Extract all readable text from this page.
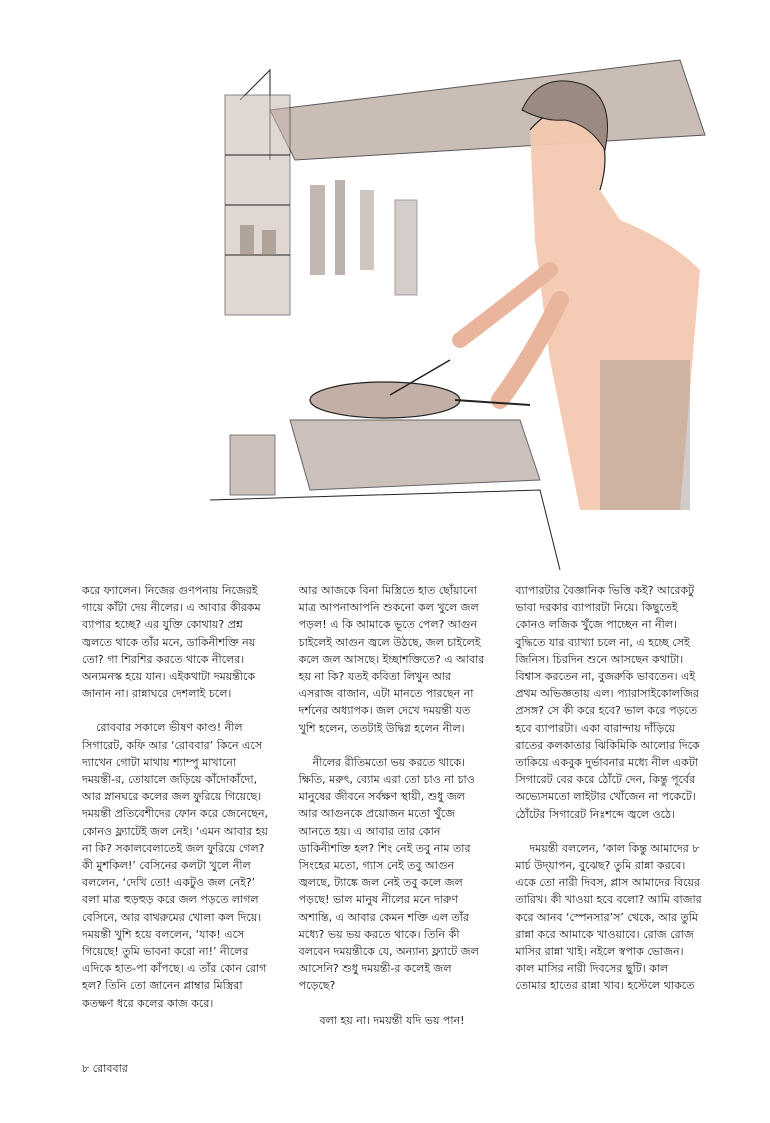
করে ফ্যালেন। নিজের গুণপনায় নিজেরই গায়ে কাঁটা দেয় নীলের। এ আবার কীরকম ব্যাপার হচ্ছে? এর যুক্তি কোথায়? প্রশ্ন জ্বলতে থাকে তাঁর মনে, ডাকিনীশক্তি নয় তো? গা শিরশির করতে থাকে নীলের। অন্যমনস্ক হয়ে যান। এইকথাটা দময়ন্তীকে জানান না। রান্নাঘরে দেশলাই চলে।

রোববার সকালে ভীষণ কাণ্ড! নীল সিগারেট, কফি আর ‘রোববার’ কিনে এসে দ্যাখেন গোটা মাথায় শ্যাম্পু মাখানো দময়ন্তী-র, তোয়ালে জড়িয়ে কাঁদোকাঁদো, আর স্নানঘরে কলের জল ফুরিয়ে গিয়েছে। দময়ন্তী প্রতিবেশীদের ফোন করে জেনেছেন, কোনও ফ্ল্যাটেই জল নেই। ‘এমন আবার হয় না কি? সকালবেলাতেই জল ফুরিয়ে গেল? কী মুশকিল!’ বেসিনের কলটা খুলে নীল বললেন, ‘দেখি তো! একটুও জল নেই?’ বলা মাত্র হুড়হুড় করে জল পড়তে লাগল বেসিনে, আর বাথরুমের খোলা কল দিয়ে। দময়ন্তী খুশি হয়ে বললেন, ‘যাক! এসে গিয়েছে! তুমি ভাবনা করো না!’ নীলের এদিকে হাত-পা কাঁপছে। এ তাঁর কোন রোগ হল? তিনি তো জানেন প্লাম্বার মিস্ত্রিরা কতক্ষণ ধরে কলের কাজ করে।

আর আজকে বিনা মিস্ত্রিতে হাত ছোঁয়ানো মাত্র আপনাআপনি শুকনো কল খুলে জল পড়ল! এ কি আমাকে ভূতে পেল? আগুন চাইলেই আগুন জ্বলে উঠছে, জল চাইলেই কলে জল আসছে। ইচ্ছাশক্তিতে? এ আবার হয় না কি? যতই কবিতা লিখুন আর এসরাজ বাজান, এটা মানতে পারছেন না দর্শনের অধ্যাপক। জল দেখে দময়ন্তী যত খুশি হলেন, ততটাই উদ্বিগ্ন হলেন নীল।

নীলের রীতিমতো ভয় করতে থাকে। ক্ষিতি, মরুৎ, ব্যোম এরা তো চাও না চাও মানুষের জীবনে সর্বক্ষণ স্থায়ী, শুধু জল আর আগুনকে প্রয়োজন মতো খুঁজে আনতে হয়। এ আবার তার কোন ডাকিনীশক্তি হল? শিং নেই তবু নাম তার সিংহের মতো, গ্যাস নেই তবু আগুন জ্বলছে, ট্যাঙ্কে জল নেই তবু কলে জল পড়ছে! ভাল মানুষ নীলের মনে দারুণ অশান্তি, এ আবার কেমন শক্তি এল তাঁর মধ্যে? ভয় ভয় করতে থাকে। তিনি কী বলবেন দময়ন্তীকে যে, অন্যান্য ফ্ল্যাটে জল আসেনি? শুধু দময়ন্তী-র কলেই জল পড়েছে?

বলা হয় না। দময়ন্তী যদি ভয় পান!

ব্যাপারটার বৈজ্ঞানিক ভিত্তি কই? আরেকটু ভাবা দরকার ব্যাপারটা নিয়ে। কিছুতেই কোনও লজিক খুঁজে পাচ্ছেন না নীল। বুদ্ধিতে যার ব্যাখ্যা চলে না, এ হচ্ছে সেই জিনিস। চিরদিন শুনে আসছেন কথাটা। বিশ্বাস করতেন না, বুজরুকি ভাবতেন। এই প্রথম অভিজ্ঞতায় এল। প্যারাসাইকোলজির প্রসঙ্গ? সে কী করে হবে? ভাল করে পড়তে হবে ব্যাপারটা। একা বারান্দায় দাঁড়িয়ে রাতের কলকাতার ঝিকিমিকি আলোর দিকে তাকিয়ে একবুক দুর্ভাবনার মধ্যে নীল একটা সিগারেট বের করে ঠোঁটে দেন, কিন্তু পূর্বের অভ্যেসমতো লাইটার খোঁজেন না পকেটে। ঠোঁটের সিগারেট নিঃশব্দে জ্বলে ওঠে।

দময়ন্তী বললেন, ‘কাল কিন্তু আমাদের ৮ মার্চ উদ্‌যাপন, বুঝেছ? তুমি রান্না করবে। একে তো নারী দিবস, প্লাস আমাদের বিয়ের তারিখ। কী খাওয়া হবে বলো? আমি বাজার করে আনব ‘স্পেনসার’স’ থেকে, আর তুমি রান্না করে আমাকে খাওয়াবে। রোজ রোজ মাসির রান্না খাই। নইলে স্বপাক ভোজন। কাল মাসির নারী দিবসের ছুটি। কাল তোমার হাতের রান্না খাব। হস্টেলে থাকতে

৮ রোববার
